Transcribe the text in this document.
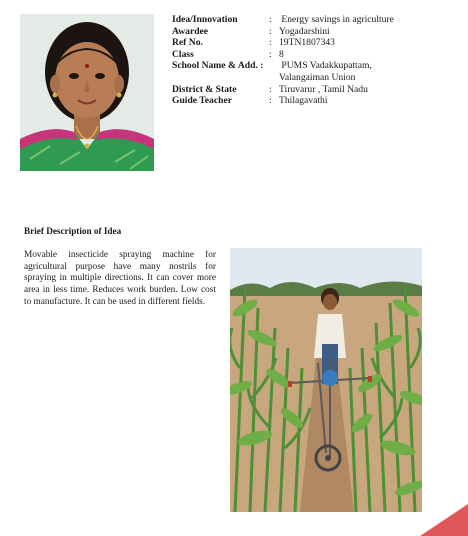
Idea/Innovation	: Energy savings in agriculture
Awardee	: Yogadarshini
Ref No.	: 19TN1807343
Class	: 8
School Name & Add. :	PUMS Vadakkupattam,
Valangaiman Union
District & State	: Tiruvarur , Tamil Nadu
Guide Teacher	: Thilagavathi
Brief Description of Idea
Movable insecticide spraying machine for agricultural purpose have many nostrils for spraying in multiple directions. It can cover more area in less time. Reduces work burden. Low cost to manufacture. It can be used in different fields.
